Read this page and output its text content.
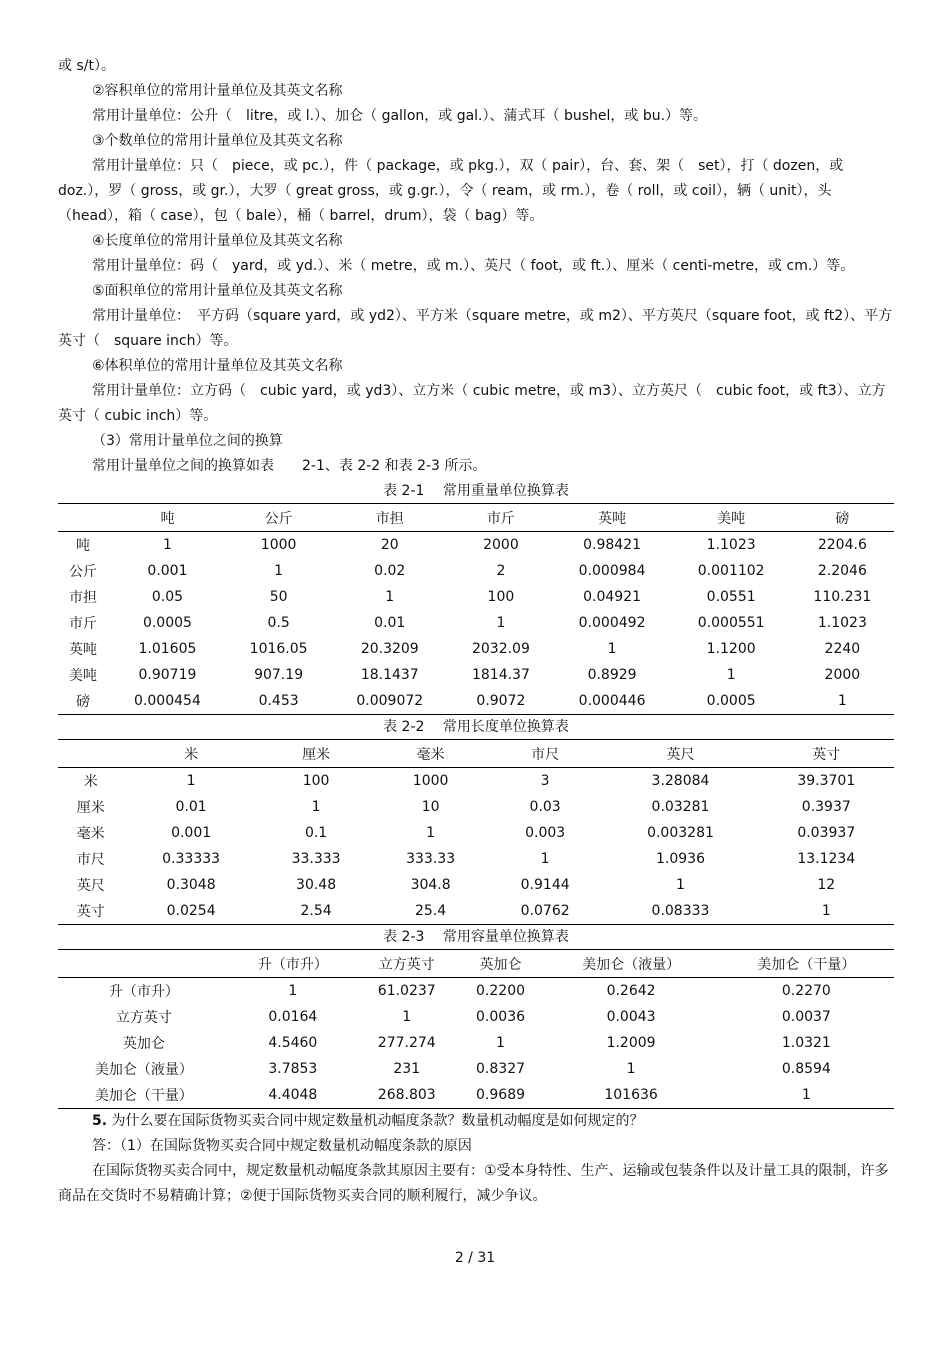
或 s/t）。

②容积单位的常用计量单位及其英文名称

常用计量单位：公升（　litre，或 l.）、加仑（ gallon，或 gal.）、蒲式耳（ bushel，或 bu.）等。

③个数单位的常用计量单位及其英文名称

常用计量单位：只（　piece，或 pc.），件（ package，或 pkg.），双（ pair），台、套、架（　set），打（ dozen，或 doz.），罗（ gross，或 gr.），大罗（ great gross，或 g.gr.），令（ ream，或 rm.），卷（ roll，或 coil），辆（ unit），头（head），箱（ case），包（ bale），桶（ barrel，drum），袋（ bag）等。

④长度单位的常用计量单位及其英文名称

常用计量单位：码（　yard，或 yd.）、米（ metre，或 m.）、英尺（ foot，或 ft.）、厘米（ centi-metre，或 cm.）等。

⑤面积单位的常用计量单位及其英文名称

常用计量单位：　平方码（square yard，或 yd2）、平方米（square metre，或 m2）、平方英尺（square foot，或 ft2）、平方英寸（　square inch）等。

⑥体积单位的常用计量单位及其英文名称

常用计量单位：立方码（　cubic yard，或 yd3）、立方米（ cubic metre，或 m3）、立方英尺（　cubic foot，或 ft3）、立方英寸（ cubic inch）等。

（3）常用计量单位之间的换算

常用计量单位之间的换算如表　　2-1、表 2-2 和表 2-3 所示。

表 2-1　 常用重量单位换算表

	吨	公斤	市担	市斤	英吨	美吨	磅
吨	1	1000	20	2000	0.98421	1.1023	2204.6
公斤	0.001	1	0.02	2	0.000984	0.001102	2.2046
市担	0.05	50	1	100	0.04921	0.0551	110.231
市斤	0.0005	0.5	0.01	1	0.000492	0.000551	1.1023
英吨	1.01605	1016.05	20.3209	2032.09	1	1.1200	2240
美吨	0.90719	907.19	18.1437	1814.37	0.8929	1	2000
磅	0.000454	0.453	0.009072	0.9072	0.000446	0.0005	1

表 2-2　 常用长度单位换算表

	米	厘米	毫米	市尺	英尺	英寸
米	1	100	1000	3	3.28084	39.3701
厘米	0.01	1	10	0.03	0.03281	0.3937
毫米	0.001	0.1	1	0.003	0.003281	0.03937
市尺	0.33333	33.333	333.33	1	1.0936	13.1234
英尺	0.3048	30.48	304.8	0.9144	1	12
英寸	0.0254	2.54	25.4	0.0762	0.08333	1

表 2-3　 常用容量单位换算表

	升（市升）	立方英寸	英加仑	美加仑（液量）	美加仑（干量）
升（市升）	1	61.0237	0.2200	0.2642	0.2270
立方英寸	0.0164	1	0.0036	0.0043	0.0037
英加仑	4.5460	277.274	1	1.2009	1.0321
美加仑（液量）	3.7853	231	0.8327	1	0.8594
美加仑（干量）	4.4048	268.803	0.9689	101636	1

5. 为什么要在国际货物买卖合同中规定数量机动幅度条款？数量机动幅度是如何规定的？

答：（1）在国际货物买卖合同中规定数量机动幅度条款的原因

在国际货物买卖合同中，规定数量机动幅度条款其原因主要有：①受本身特性、生产、运输或包装条件以及计量工具的限制，许多商品在交货时不易精确计算；②便于国际货物买卖合同的顺利履行，减少争议。

2 / 31
